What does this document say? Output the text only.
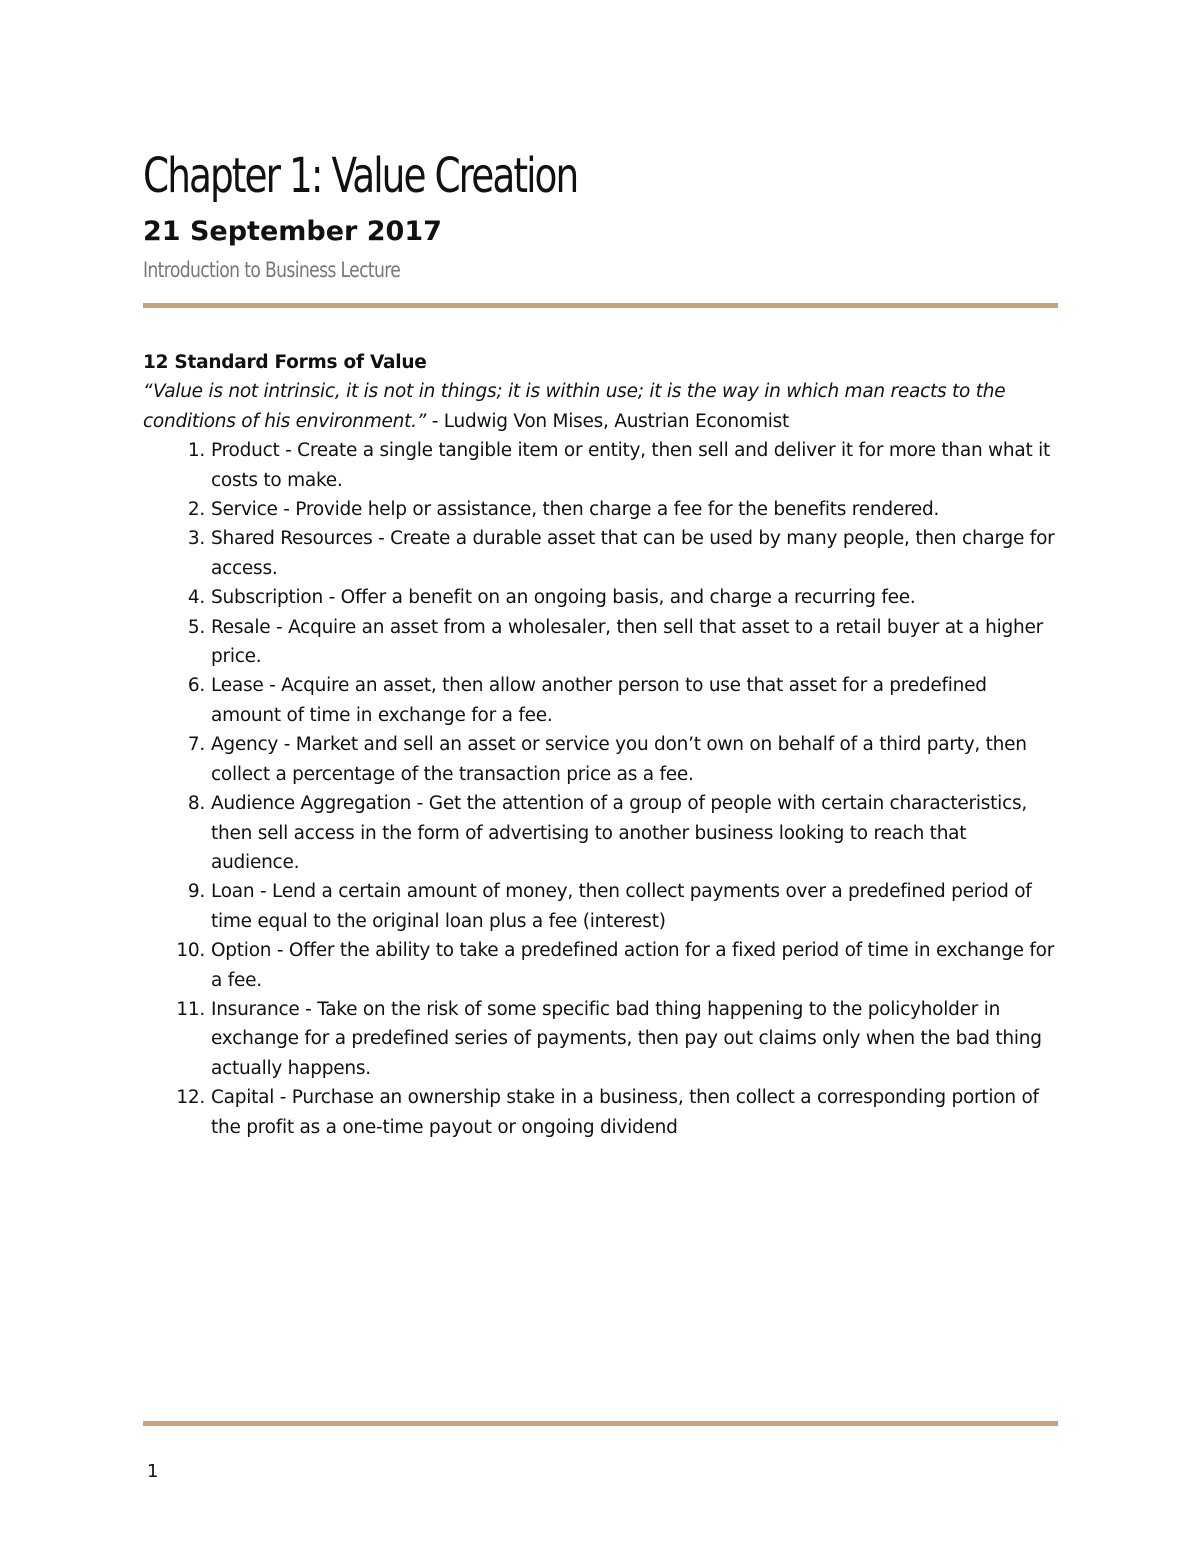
Chapter 1: Value Creation
21 September 2017
Introduction to Business Lecture

12 Standard Forms of Value

“Value is not intrinsic, it is not in things; it is within use; it is the way in which man reacts to the conditions of his environment.” - Ludwig Von Mises, Austrian Economist

1. Product - Create a single tangible item or entity, then sell and deliver it for more than what it costs to make.
2. Service - Provide help or assistance, then charge a fee for the benefits rendered.
3. Shared Resources - Create a durable asset that can be used by many people, then charge for access.
4. Subscription - Offer a benefit on an ongoing basis, and charge a recurring fee.
5. Resale - Acquire an asset from a wholesaler, then sell that asset to a retail buyer at a higher price.
6. Lease - Acquire an asset, then allow another person to use that asset for a predefined amount of time in exchange for a fee.
7. Agency - Market and sell an asset or service you don’t own on behalf of a third party, then collect a percentage of the transaction price as a fee.
8. Audience Aggregation - Get the attention of a group of people with certain characteristics, then sell access in the form of advertising to another business looking to reach that audience.
9. Loan - Lend a certain amount of money, then collect payments over a predefined period of time equal to the original loan plus a fee (interest)
10. Option - Offer the ability to take a predefined action for a fixed period of time in exchange for a fee.
11. Insurance - Take on the risk of some specific bad thing happening to the policyholder in exchange for a predefined series of payments, then pay out claims only when the bad thing actually happens.
12. Capital - Purchase an ownership stake in a business, then collect a corresponding portion of the profit as a one-time payout or ongoing dividend
1
